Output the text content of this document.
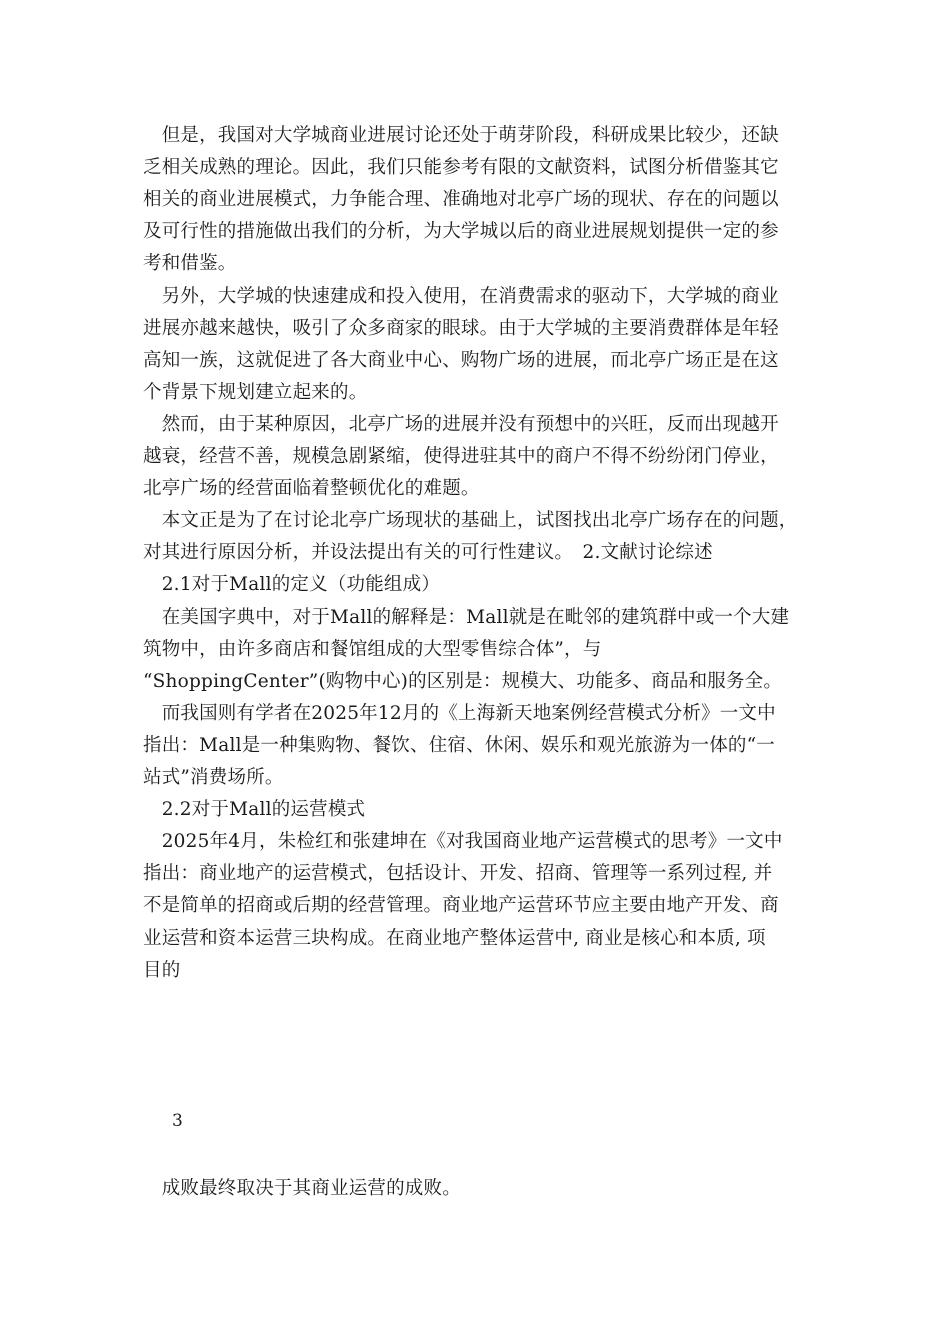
　但是，我国对大学城商业进展讨论还处于萌芽阶段，科研成果比较少，还缺
乏相关成熟的理论。因此，我们只能参考有限的文献资料，试图分析借鉴其它
相关的商业进展模式，力争能合理、准确地对北亭广场的现状、存在的问题以
及可行性的措施做出我们的分析，为大学城以后的商业进展规划提供一定的参
考和借鉴。
　另外，大学城的快速建成和投入使用，在消费需求的驱动下，大学城的商业
进展亦越来越快，吸引了众多商家的眼球。由于大学城的主要消费群体是年轻
高知一族，这就促进了各大商业中心、购物广场的进展，而北亭广场正是在这
个背景下规划建立起来的。
　然而，由于某种原因，北亭广场的进展并没有预想中的兴旺，反而出现越开
越衰，经营不善，规模急剧紧缩，使得进驻其中的商户不得不纷纷闭门停业，
北亭广场的经营面临着整顿优化的难题。
　本文正是为了在讨论北亭广场现状的基础上，试图找出北亭广场存在的问题，
对其进行原因分析，并设法提出有关的可行性建议。　2.文献讨论综述
　2.1对于Mall的定义（功能组成）
　在美国字典中，对于Mall的解释是：Mall就是在毗邻的建筑群中或一个大建
筑物中，由许多商店和餐馆组成的大型零售综合体”，与
“ShoppingCenter”(购物中心)的区别是：规模大、功能多、商品和服务全。
　而我国则有学者在2025年12月的《上海新天地案例经营模式分析》一文中
指出：Mall是一种集购物、餐饮、住宿、休闲、娱乐和观光旅游为一体的“一
站式”消费场所。
　2.2对于Mall的运营模式
　2025年4月，朱检红和张建坤在《对我国商业地产运营模式的思考》一文中
指出：商业地产的运营模式，包括设计、开发、招商、管理等一系列过程, 并
不是简单的招商或后期的经营管理。商业地产运营环节应主要由地产开发、商
业运营和资本运营三块构成。在商业地产整体运营中, 商业是核心和本质, 项
目的
3
　成败最终取决于其商业运营的成败。
